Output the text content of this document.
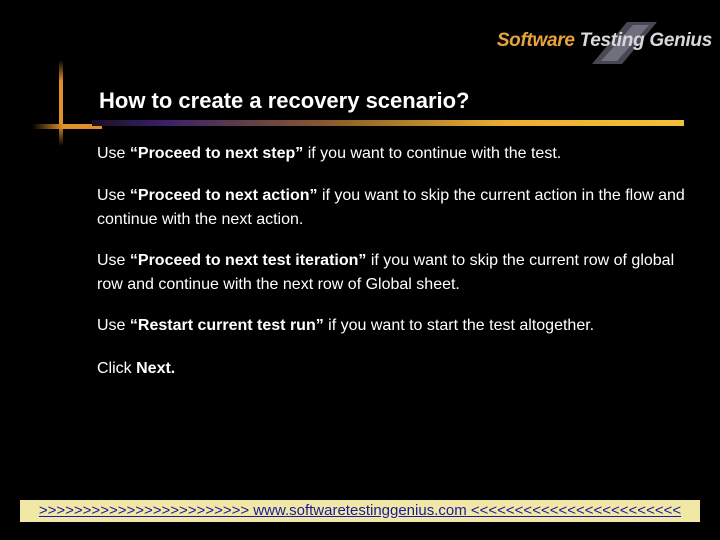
Software Testing Genius
How to create a recovery scenario?
Use “Proceed to next step” if you want to continue with the test.
Use “Proceed to next action” if you want to skip the current action in the flow and continue with the next action.
Use “Proceed to next test iteration” if you want to skip the current row of global row and continue with the next row of Global sheet.
Use “Restart current test run” if you want to start the test altogether.
Click Next.
>>>>>>>>>>>>>>>>>>>>>>>> www.softwaretestinggenius.com <<<<<<<<<<<<<<<<<<<<<<<<
